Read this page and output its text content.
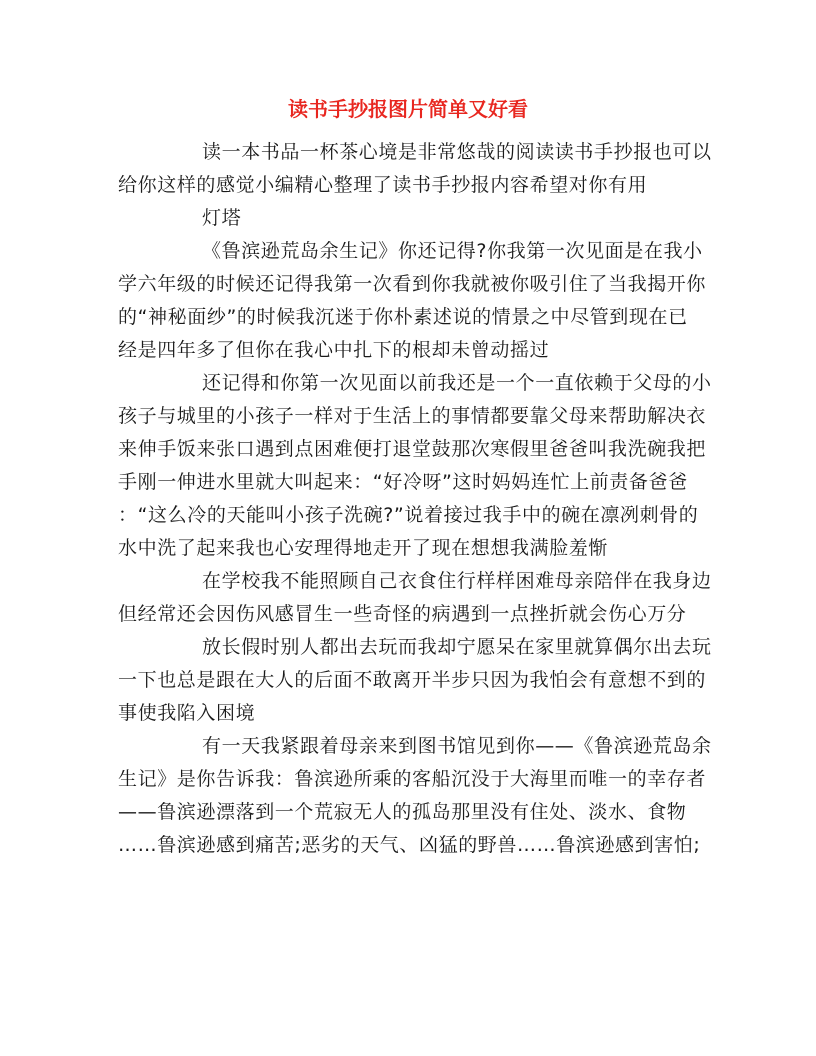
读书手抄报图片简单又好看
读一本书品一杯茶心境是非常悠哉的阅读读书手抄报也可以
给你这样的感觉小编精心整理了读书手抄报内容希望对你有用
灯塔
《鲁滨逊荒岛余生记》你还记得?你我第一次见面是在我小
学六年级的时候还记得我第一次看到你我就被你吸引住了当我揭开你
的“神秘面纱”的时候我沉迷于你朴素述说的情景之中尽管到现在已
经是四年多了但你在我心中扎下的根却未曾动摇过
还记得和你第一次见面以前我还是一个一直依赖于父母的小
孩子与城里的小孩子一样对于生活上的事情都要靠父母来帮助解决衣
来伸手饭来张口遇到点困难便打退堂鼓那次寒假里爸爸叫我洗碗我把
手刚一伸进水里就大叫起来：“好冷呀”这时妈妈连忙上前责备爸爸
：“这么冷的天能叫小孩子洗碗?”说着接过我手中的碗在凛冽刺骨的
水中洗了起来我也心安理得地走开了现在想想我满脸羞惭
在学校我不能照顾自己衣食住行样样困难母亲陪伴在我身边
但经常还会因伤风感冒生一些奇怪的病遇到一点挫折就会伤心万分
放长假时别人都出去玩而我却宁愿呆在家里就算偶尔出去玩
一下也总是跟在大人的后面不敢离开半步只因为我怕会有意想不到的
事使我陷入困境
有一天我紧跟着母亲来到图书馆见到你——《鲁滨逊荒岛余
生记》是你告诉我：鲁滨逊所乘的客船沉没于大海里而唯一的幸存者
——鲁滨逊漂落到一个荒寂无人的孤岛那里没有住处、淡水、食物
……鲁滨逊感到痛苦;恶劣的天气、凶猛的野兽……鲁滨逊感到害怕;
